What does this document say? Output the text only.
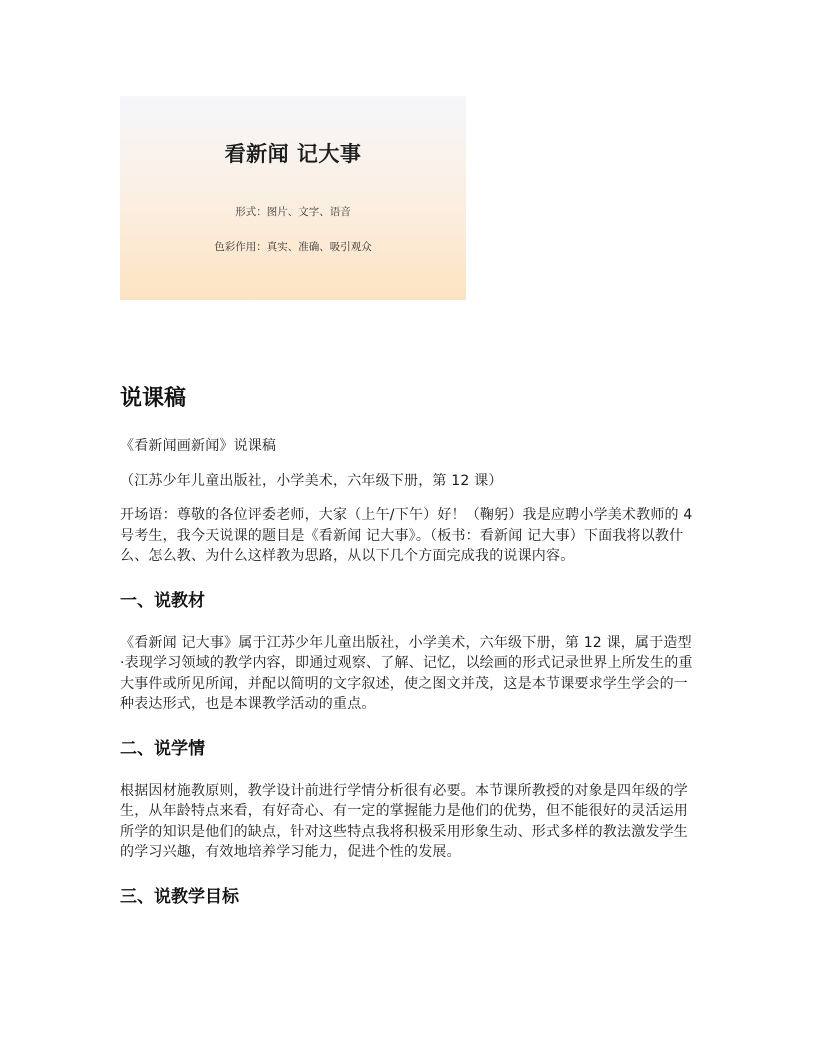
看新闻 记大事
形式：图片、文字、语音
色彩作用：真实、准确、吸引观众
说课稿

《看新闻画新闻》说课稿

（江苏少年儿童出版社，小学美术，六年级下册，第 12 课）

开场语：尊敬的各位评委老师，大家（上午/下午）好！（鞠躬）我是应聘小学美术教师的 4 号考生，我今天说课的题目是《看新闻 记大事》。（板书：看新闻 记大事）下面我将以教什么、怎么教、为什么这样教为思路，从以下几个方面完成我的说课内容。

一、说教材

《看新闻 记大事》属于江苏少年儿童出版社，小学美术，六年级下册，第 12 课，属于造型·表现学习领域的教学内容，即通过观察、了解、记忆，以绘画的形式记录世界上所发生的重大事件或所见所闻，并配以简明的文字叙述，使之图文并茂，这是本节课要求学生学会的一种表达形式，也是本课教学活动的重点。

二、说学情

根据因材施教原则，教学设计前进行学情分析很有必要。本节课所教授的对象是四年级的学生，从年龄特点来看，有好奇心、有一定的掌握能力是他们的优势，但不能很好的灵活运用所学的知识是他们的缺点，针对这些特点我将积极采用形象生动、形式多样的教法激发学生的学习兴趣，有效地培养学习能力，促进个性的发展。

三、说教学目标
